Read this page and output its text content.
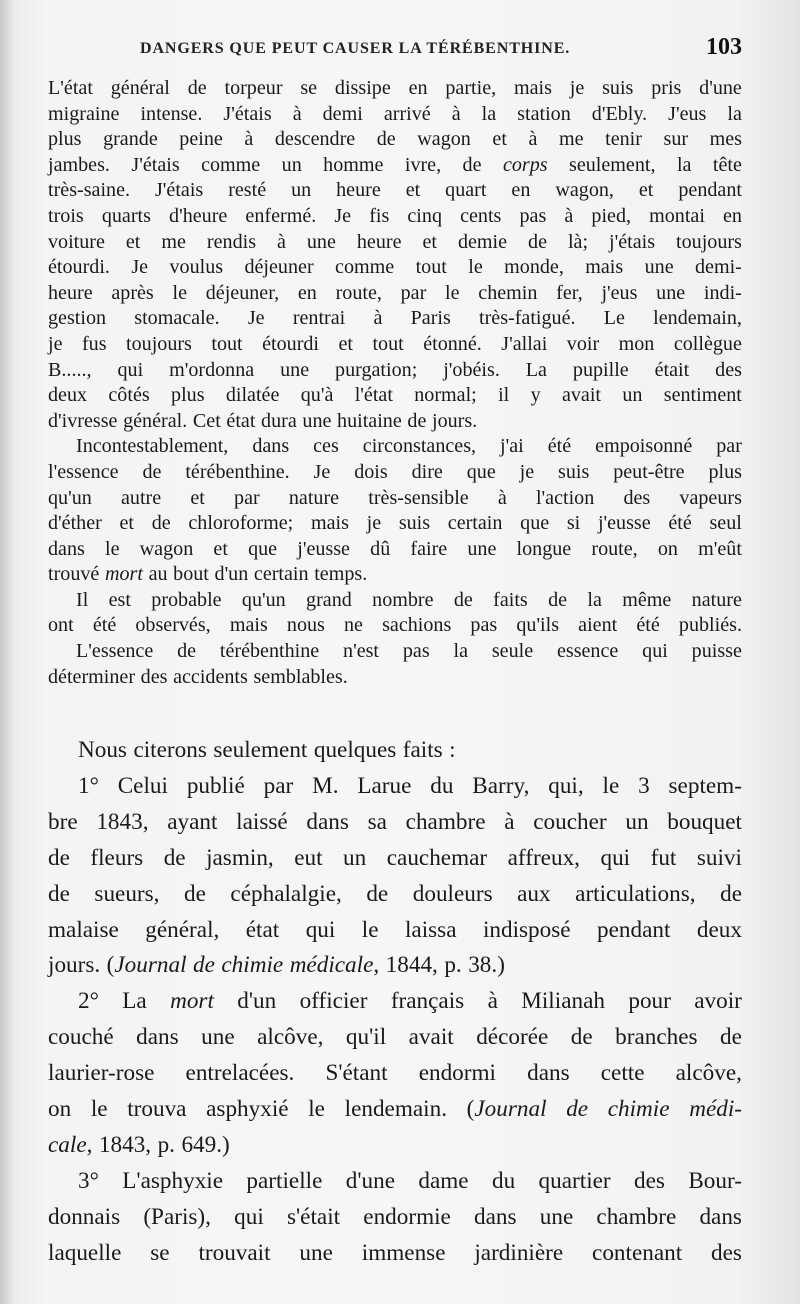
DANGERS QUE PEUT CAUSER LA TÉRÉBENTHINE.	103
L'état général de torpeur se dissipe en partie, mais je suis pris d'une
migraine intense. J'étais à demi arrivé à la station d'Ebly. J'eus la
plus grande peine à descendre de wagon et à me tenir sur mes
jambes. J'étais comme un homme ivre, de corps seulement, la tête
très-saine. J'étais resté un heure et quart en wagon, et pendant
trois quarts d'heure enfermé. Je fis cinq cents pas à pied, montai en
voiture et me rendis à une heure et demie de là; j'étais toujours
étourdi. Je voulus déjeuner comme tout le monde, mais une demi-
heure après le déjeuner, en route, par le chemin fer, j'eus une indi-
gestion stomacale. Je rentrai à Paris très-fatigué. Le lendemain,
je fus toujours tout étourdi et tout étonné. J'allai voir mon collègue
B....., qui m'ordonna une purgation; j'obéis. La pupille était des
deux côtés plus dilatée qu'à l'état normal; il y avait un sentiment
d'ivresse général. Cet état dura une huitaine de jours.
Incontestablement, dans ces circonstances, j'ai été empoisonné par
l'essence de térébenthine. Je dois dire que je suis peut-être plus
qu'un autre et par nature très-sensible à l'action des vapeurs
d'éther et de chloroforme; mais je suis certain que si j'eusse été seul
dans le wagon et que j'eusse dû faire une longue route, on m'eût
trouvé mort au bout d'un certain temps.
Il est probable qu'un grand nombre de faits de la même nature
ont été observés, mais nous ne sachions pas qu'ils aient été publiés.
L'essence de térébenthine n'est pas la seule essence qui puisse
déterminer des accidents semblables.
Nous citerons seulement quelques faits :
1° Celui publié par M. Larue du Barry, qui, le 3 septem-
bre 1843, ayant laissé dans sa chambre à coucher un bouquet
de fleurs de jasmin, eut un cauchemar affreux, qui fut suivi
de sueurs, de céphalalgie, de douleurs aux articulations, de
malaise général, état qui le laissa indisposé pendant deux
jours. (Journal de chimie médicale, 1844, p. 38.)
2° La mort d'un officier français à Milianah pour avoir
couché dans une alcôve, qu'il avait décorée de branches de
laurier-rose entrelacées. S'étant endormi dans cette alcôve,
on le trouva asphyxié le lendemain. (Journal de chimie médi-
cale, 1843, p. 649.)
3° L'asphyxie partielle d'une dame du quartier des Bour-
donnais (Paris), qui s'était endormie dans une chambre dans
laquelle se trouvait une immense jardinière contenant des
